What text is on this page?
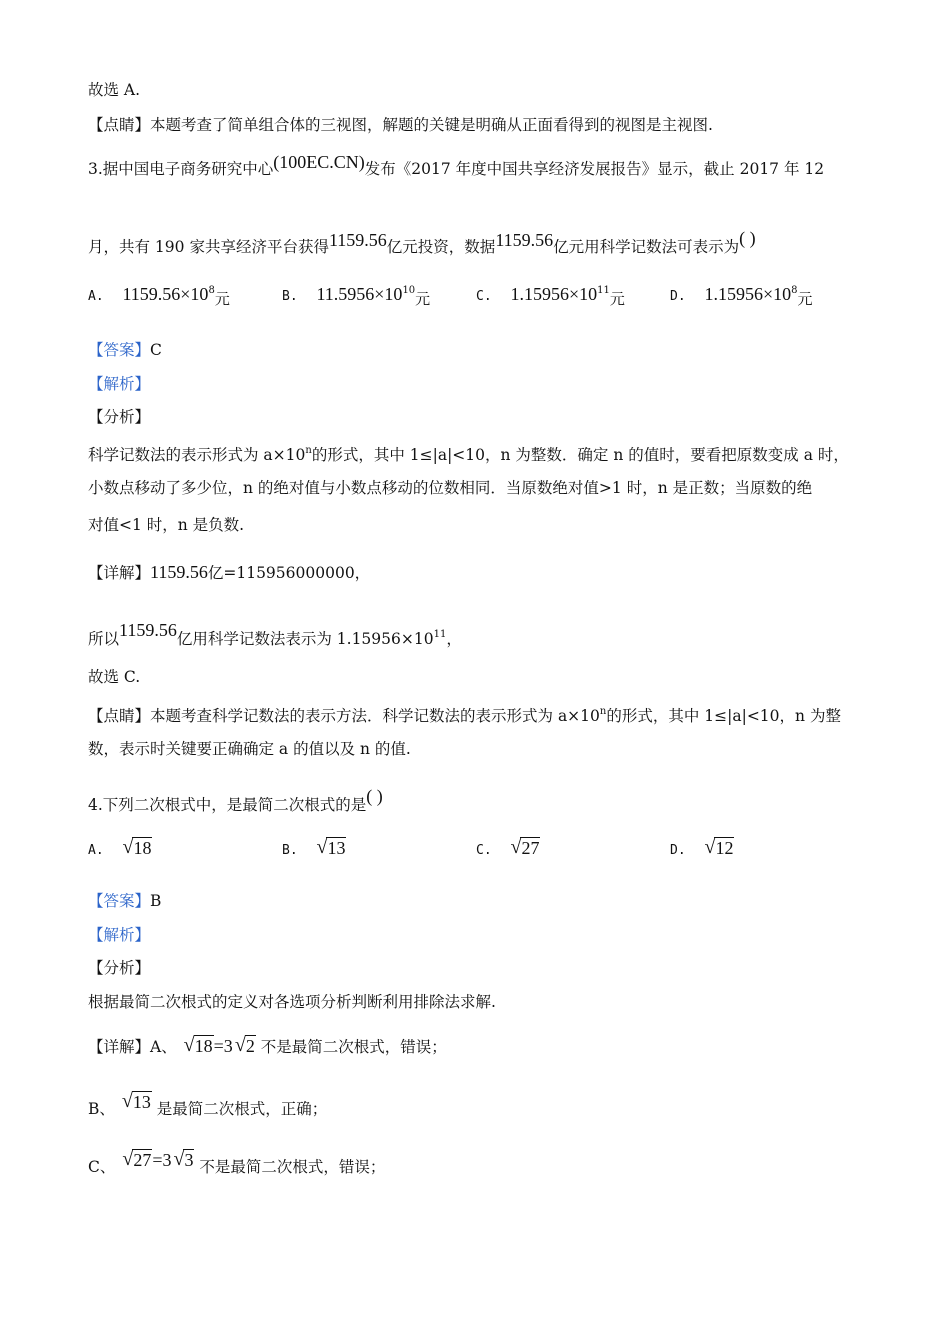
故选 A.
【点睛】本题考查了简单组合体的三视图，解题的关键是明确从正面看得到的视图是主视图.
3.据中国电子商务研究中心(100EC.CN)发布《2017 年度中国共享经济发展报告》显示，截止 2017 年 12
月，共有 190 家共享经济平台获得1159.56亿元投资，数据1159.56亿元用科学记数法可表示为( )
A. $1159.56\times 10^8$元	B. $11.5956\times 10^{10}$元	C. $1.15956\times 10^{11}$元	D. $1.15956\times 10^8$元
【答案】C
【解析】
【分析】
科学记数法的表示形式为 $a\times 10^n$的形式，其中 1≤|a|<10，n 为整数．确定 n 的值时，要看把原数变成 a 时，
小数点移动了多少位，n 的绝对值与小数点移动的位数相同．当原数绝对值>1 时，n 是正数；当原数的绝
对值<1 时，n 是负数.
【详解】1159.56亿=115956000000，
所以1159.56亿用科学记数法表示为 $1.15956\times 10^{11}$，
故选 C.
【点睛】本题考查科学记数法的表示方法．科学记数法的表示形式为 $a\times 10^n$的形式，其中 1≤|a|<10，n 为整
数，表示时关键要正确确定 a 的值以及 n 的值.
4.下列二次根式中，是最简二次根式的是( )
A. √ 18	B. √ 13	C. √ 27	D. √ 12
【答案】B
【解析】
【分析】
根据最简二次根式的定义对各选项分析判断利用排除法求解.
【详解】A、 √ 18=3 √ 2 不是最简二次根式，错误；
B、 √ 13 是最简二次根式，正确；
C、 √ 27=3 √ 3 不是最简二次根式，错误；
